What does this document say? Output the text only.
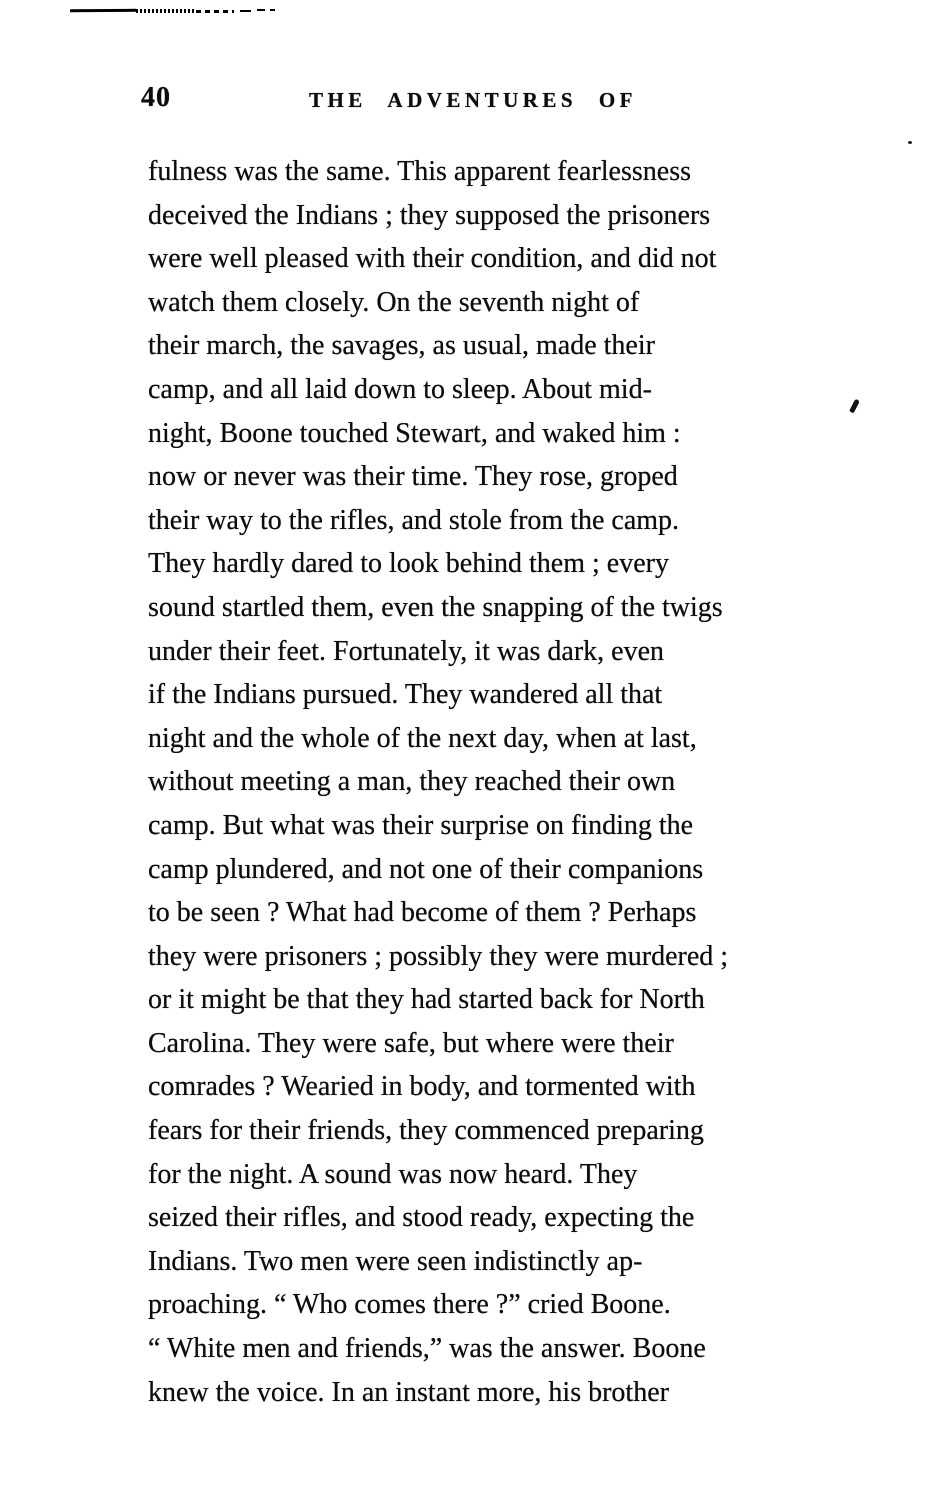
40	THE ADVENTURES OF
fulness was the same. This apparent fearlessness
deceived the Indians ; they supposed the prisoners
were well pleased with their condition, and did not
watch them closely. On the seventh night of
their march, the savages, as usual, made their
camp, and all laid down to sleep. About mid-
night, Boone touched Stewart, and waked him :
now or never was their time. They rose, groped
their way to the rifles, and stole from the camp.
They hardly dared to look behind them ; every
sound startled them, even the snapping of the twigs
under their feet. Fortunately, it was dark, even
if the Indians pursued. They wandered all that
night and the whole of the next day, when at last,
without meeting a man, they reached their own
camp. But what was their surprise on finding the
camp plundered, and not one of their companions
to be seen ? What had become of them ? Perhaps
they were prisoners ; possibly they were murdered ;
or it might be that they had started back for North
Carolina. They were safe, but where were their
comrades ? Wearied in body, and tormented with
fears for their friends, they commenced preparing
for the night. A sound was now heard. They
seized their rifles, and stood ready, expecting the
Indians. Two men were seen indistinctly ap-
proaching. “ Who comes there ?” cried Boone.
“ White men and friends,” was the answer. Boone
knew the voice. In an instant more, his brother
